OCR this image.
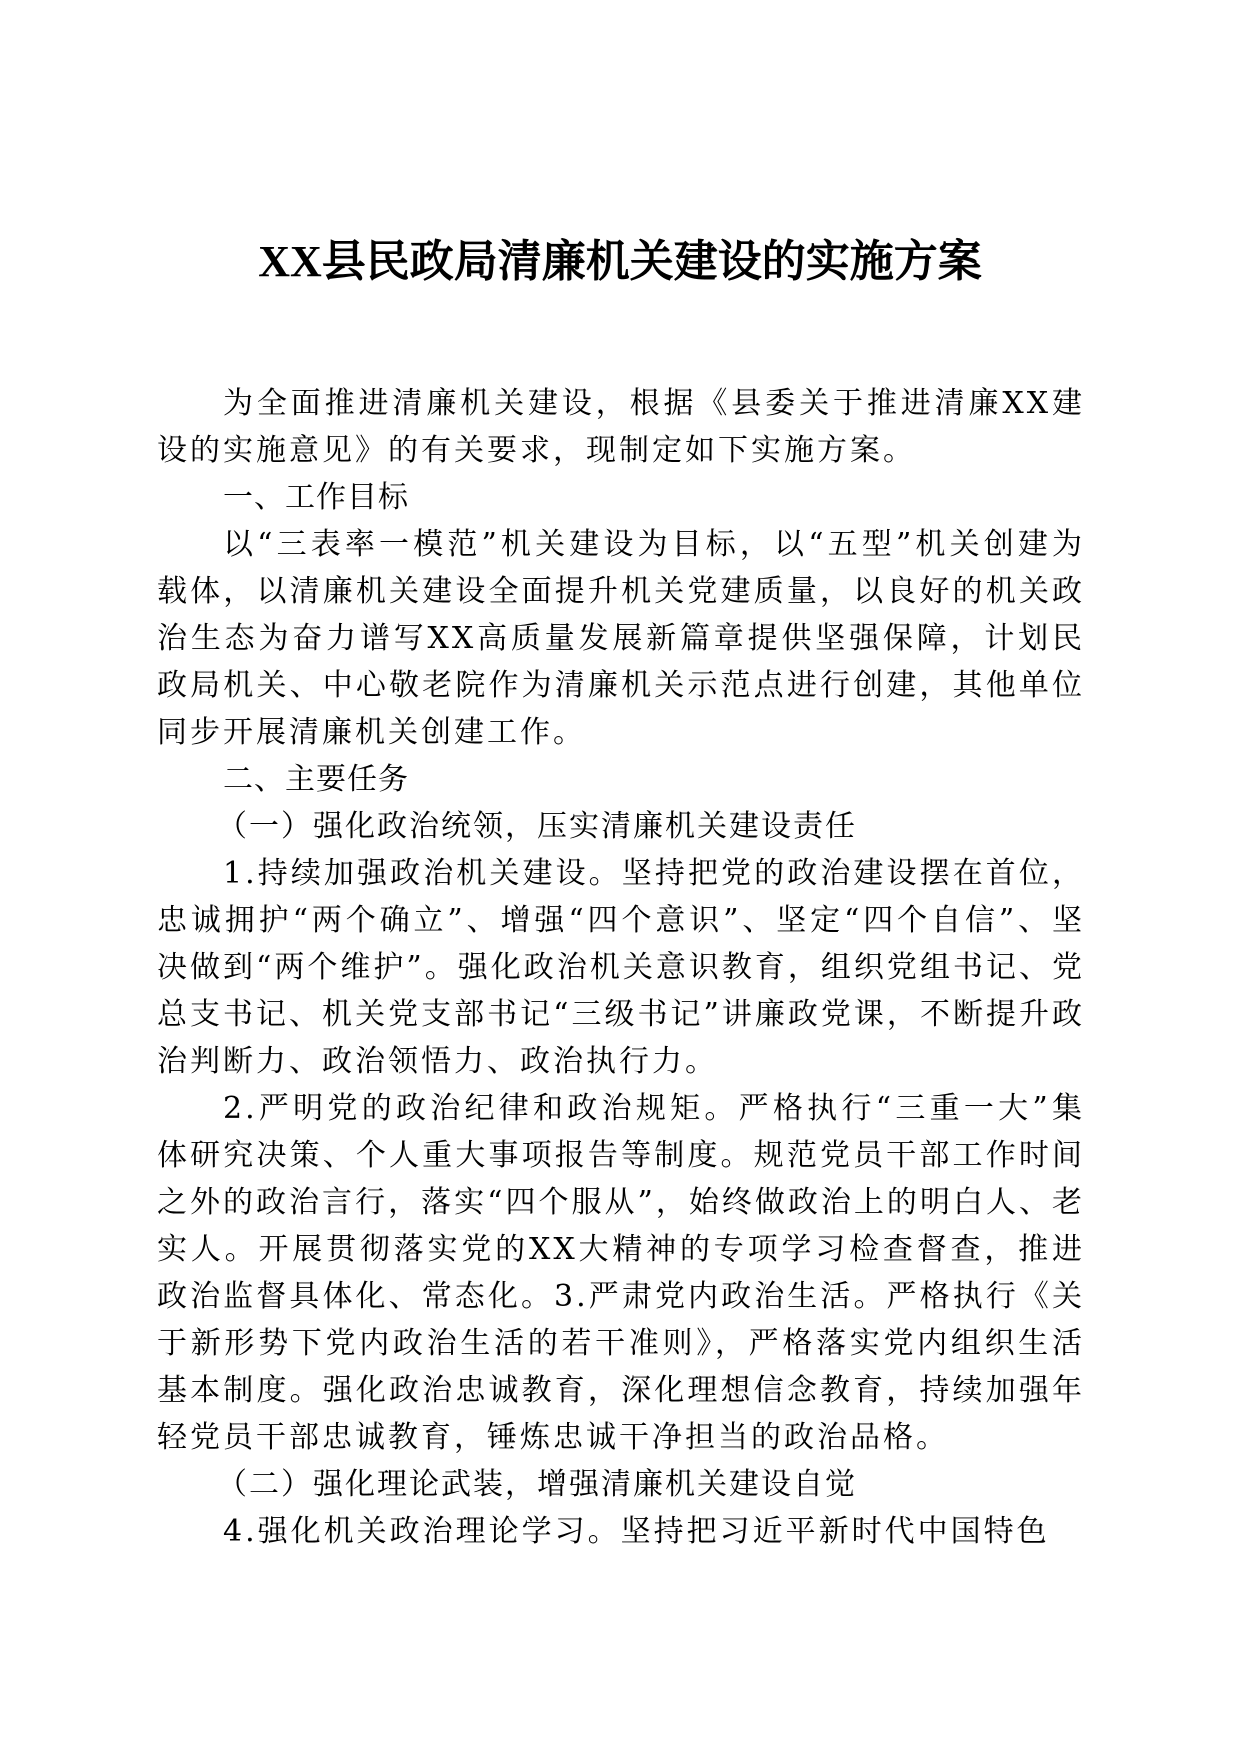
XX县民政局清廉机关建设的实施方案

为全面推进清廉机关建设，根据《县委关于推进清廉XX建设的实施意见》的有关要求，现制定如下实施方案。

一、工作目标

以“三表率一模范”机关建设为目标，以“五型”机关创建为载体，以清廉机关建设全面提升机关党建质量，以良好的机关政治生态为奋力谱写XX高质量发展新篇章提供坚强保障，计划民政局机关、中心敬老院作为清廉机关示范点进行创建，其他单位同步开展清廉机关创建工作。

二、主要任务

（一）强化政治统领，压实清廉机关建设责任

1.持续加强政治机关建设。坚持把党的政治建设摆在首位，忠诚拥护“两个确立”、增强“四个意识”、坚定“四个自信”、坚决做到“两个维护”。强化政治机关意识教育，组织党组书记、党总支书记、机关党支部书记“三级书记”讲廉政党课，不断提升政治判断力、政治领悟力、政治执行力。

2.严明党的政治纪律和政治规矩。严格执行“三重一大”集体研究决策、个人重大事项报告等制度。规范党员干部工作时间之外的政治言行，落实“四个服从”，始终做政治上的明白人、老实人。开展贯彻落实党的XX大精神的专项学习检查督查，推进政治监督具体化、常态化。3.严肃党内政治生活。严格执行《关于新形势下党内政治生活的若干准则》，严格落实党内组织生活基本制度。强化政治忠诚教育，深化理想信念教育，持续加强年轻党员干部忠诚教育，锤炼忠诚干净担当的政治品格。

（二）强化理论武装，增强清廉机关建设自觉

4.强化机关政治理论学习。坚持把习近平新时代中国特色
